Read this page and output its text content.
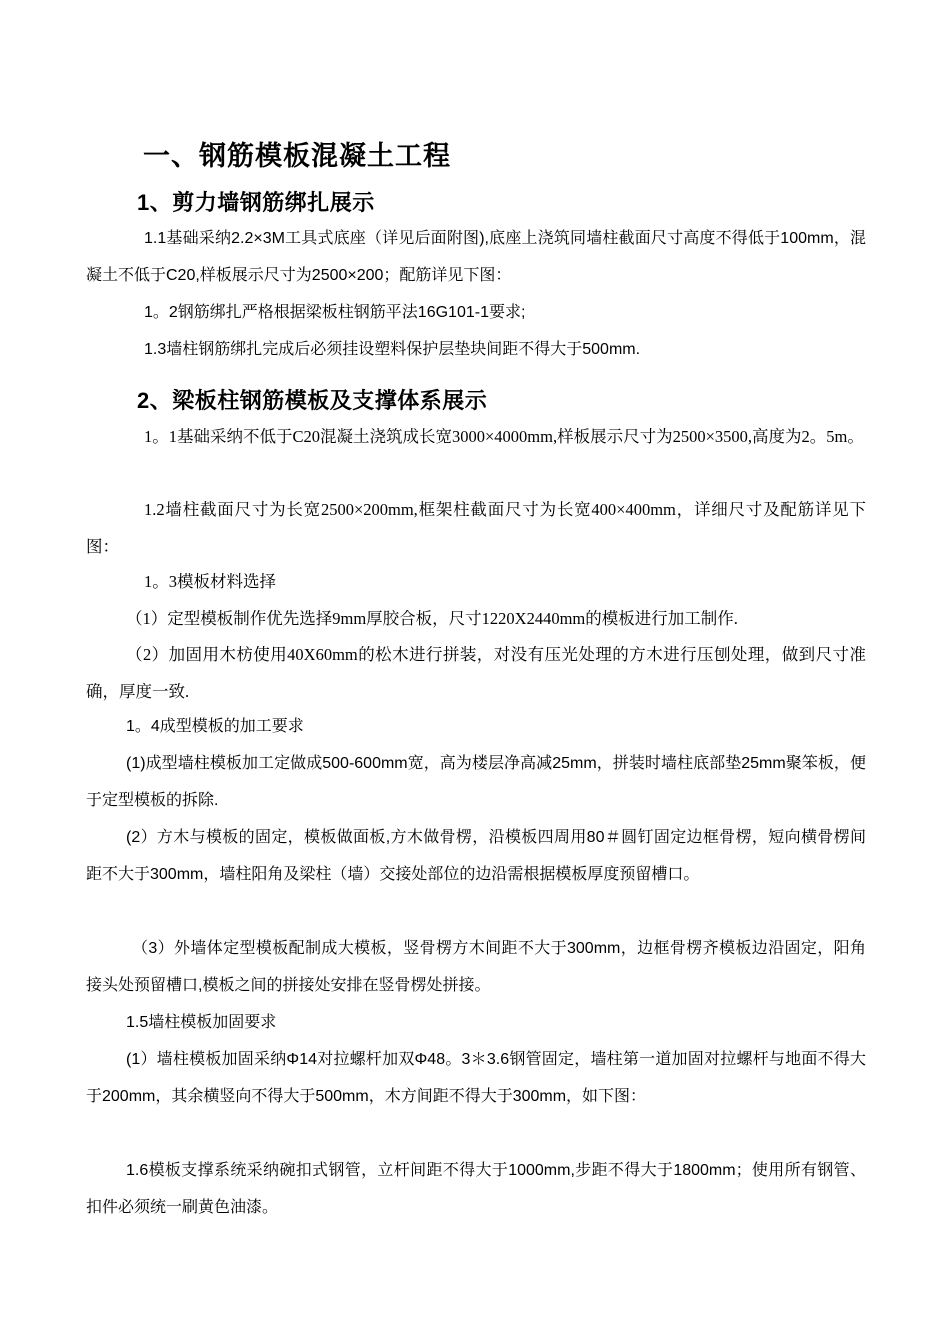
一、钢筋模板混凝土工程
1、剪力墙钢筋绑扎展示

1.1基础采纳2.2×3M工具式底座（详见后面附图),底座上浇筑同墙柱截面尺寸高度不得低于100mm，混凝土不低于C20,样板展示尺寸为2500×200；配筋详见下图：

1。2钢筋绑扎严格根据梁板柱钢筋平法16G101-1要求;

1.3墙柱钢筋绑扎完成后必须挂设塑料保护层垫块间距不得大于500mm.

2、梁板柱钢筋模板及支撑体系展示

1。1基础采纳不低于C20混凝土浇筑成长宽3000×4000mm,样板展示尺寸为2500×3500,高度为2。5m。

1.2墙柱截面尺寸为长宽2500×200mm,框架柱截面尺寸为长宽400×400mm，详细尺寸及配筋详见下图：

1。3模板材料选择

（1）定型模板制作优先选择9mm厚胶合板，尺寸1220X2440mm的模板进行加工制作.

（2）加固用木枋使用40X60mm的松木进行拼装，对没有压光处理的方木进行压刨处理，做到尺寸准确，厚度一致.

1。4成型模板的加工要求

(1)成型墙柱模板加工定做成500-600mm宽，高为楼层净高减25mm，拼装时墙柱底部垫25mm聚笨板，便于定型模板的拆除.

(2）方木与模板的固定，模板做面板,方木做骨楞，沿模板四周用80＃圆钉固定边框骨楞，短向横骨楞间距不大于300mm，墙柱阳角及梁柱（墙）交接处部位的边沿需根据模板厚度预留槽口。

（3）外墙体定型模板配制成大模板，竖骨楞方木间距不大于300mm，边框骨楞齐模板边沿固定，阳角接头处预留槽口,模板之间的拼接处安排在竖骨楞处拼接。

1.5墙柱模板加固要求

(1）墙柱模板加固采纳Φ14对拉螺杆加双Φ48。3＊3.6钢管固定，墙柱第一道加固对拉螺杆与地面不得大于200mm，其余横竖向不得大于500mm，木方间距不得大于300mm，如下图：

1.6模板支撑系统采纳碗扣式钢管，立杆间距不得大于1000mm,步距不得大于1800mm；使用所有钢管、扣件必须统一刷黄色油漆。
